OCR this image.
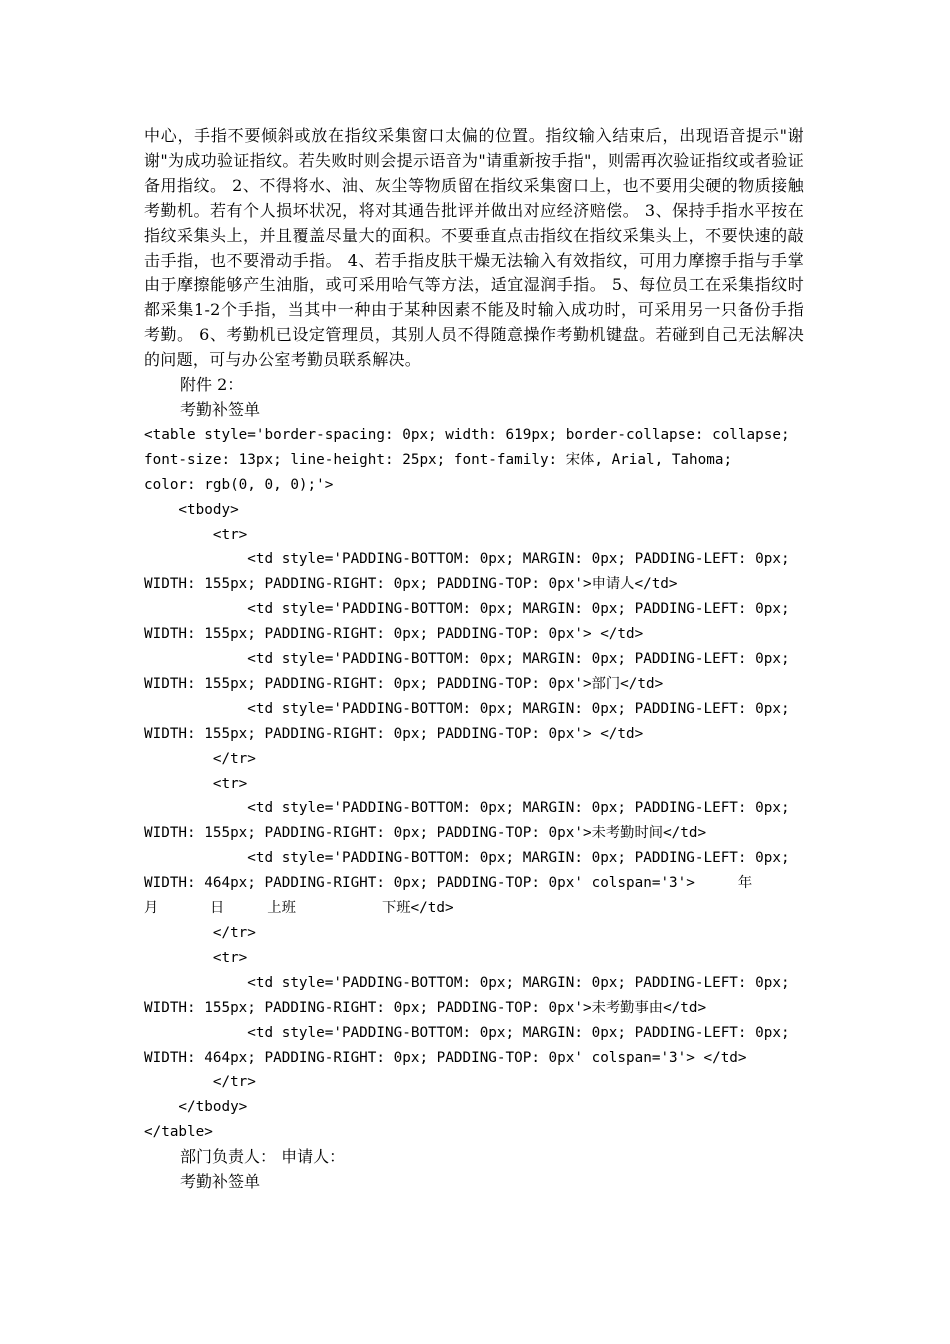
中心，手指不要倾斜或放在指纹采集窗口太偏的位置。指纹输入结束后，出现语音提示"谢谢"为成功验证指纹。若失败时则会提示语音为"请重新按手指"，则需再次验证指纹或者验证备用指纹。 2、不得将水、油、灰尘等物质留在指纹采集窗口上，也不要用尖硬的物质接触考勤机。若有个人损坏状况，将对其通告批评并做出对应经济赔偿。 3、保持手指水平按在指纹采集头上，并且覆盖尽量大的面积。不要垂直点击指纹在指纹采集头上，不要快速的敲击手指，也不要滑动手指。 4、若手指皮肤干燥无法输入有效指纹，可用力摩擦手指与手掌由于摩擦能够产生油脂，或可采用哈气等方法，适宜湿润手指。 5、每位员工在采集指纹时都采集1-2个手指，当其中一种由于某种因素不能及时输入成功时，可采用另一只备份手指考勤。 6、考勤机已设定管理员，其别人员不得随意操作考勤机键盘。若碰到自己无法解决的问题，可与办公室考勤员联系解决。

附件 2：

考勤补签单

<table style='border-spacing: 0px; width: 619px; border-collapse: collapse;

font-size: 13px; line-height: 25px; font-family: 宋体, Arial, Tahoma;

color: rgb(0, 0, 0);'>

<tbody>

<tr>

<td style='PADDING-BOTTOM: 0px; MARGIN: 0px; PADDING-LEFT: 0px;

WIDTH: 155px; PADDING-RIGHT: 0px; PADDING-TOP: 0px'>申请人</td>

<td style='PADDING-BOTTOM: 0px; MARGIN: 0px; PADDING-LEFT: 0px;

WIDTH: 155px; PADDING-RIGHT: 0px; PADDING-TOP: 0px'> </td>

<td style='PADDING-BOTTOM: 0px; MARGIN: 0px; PADDING-LEFT: 0px;

WIDTH: 155px; PADDING-RIGHT: 0px; PADDING-TOP: 0px'>部门</td>

<td style='PADDING-BOTTOM: 0px; MARGIN: 0px; PADDING-LEFT: 0px;

WIDTH: 155px; PADDING-RIGHT: 0px; PADDING-TOP: 0px'> </td>

</tr>

<tr>

<td style='PADDING-BOTTOM: 0px; MARGIN: 0px; PADDING-LEFT: 0px;

WIDTH: 155px; PADDING-RIGHT: 0px; PADDING-TOP: 0px'>未考勤时间</td>

<td style='PADDING-BOTTOM: 0px; MARGIN: 0px; PADDING-LEFT: 0px;

WIDTH: 464px; PADDING-RIGHT: 0px; PADDING-TOP: 0px' colspan='3'>     年

月      日     上班          下班</td>

</tr>

<tr>

<td style='PADDING-BOTTOM: 0px; MARGIN: 0px; PADDING-LEFT: 0px;

WIDTH: 155px; PADDING-RIGHT: 0px; PADDING-TOP: 0px'>未考勤事由</td>

<td style='PADDING-BOTTOM: 0px; MARGIN: 0px; PADDING-LEFT: 0px;

WIDTH: 464px; PADDING-RIGHT: 0px; PADDING-TOP: 0px' colspan='3'> </td>

</tr>

</tbody>

</table>

部门负责人： 申请人：

考勤补签单
